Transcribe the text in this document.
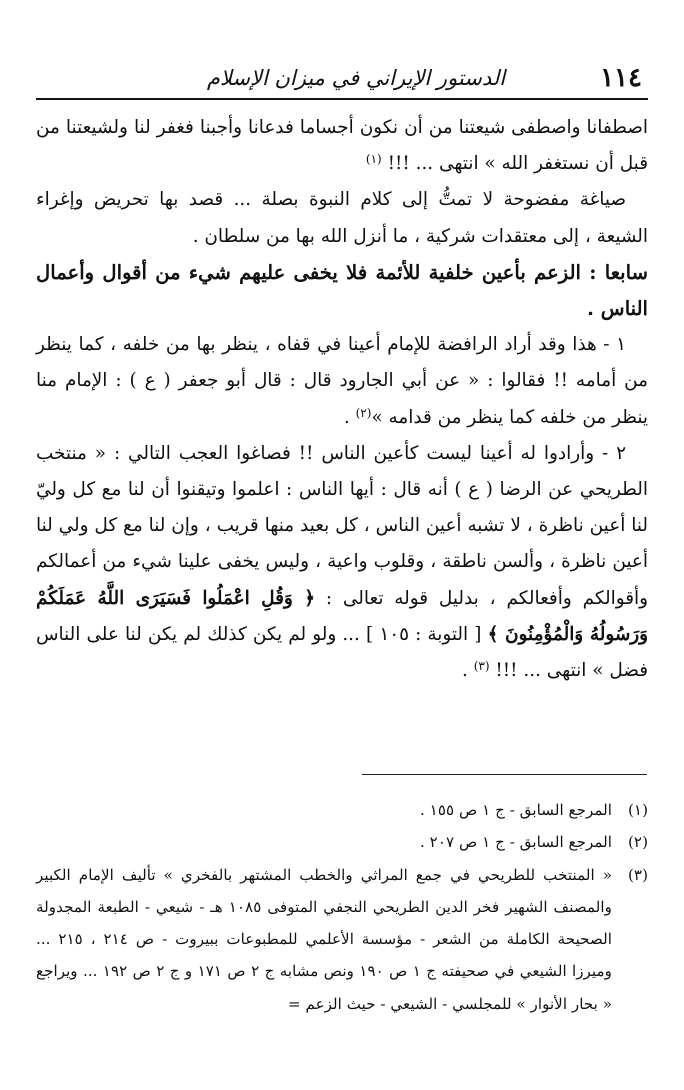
١١٤
الدستور الإيراني في ميزان الإسلام

اصطفانا واصطفى شيعتنا من أن نكون أجساما فدعانا وأجبنا فغفر لنا ولشيعتنا من قبل أن نستغفر الله » انتهى ... !!! $^{(١)}$

صياغة مفضوحة لا تمتُّ إلى كلام النبوة بصلة ... قصد بها تحريض وإغراء الشيعة ، إلى معتقدات شركية ، ما أنزل الله بها من سلطان .

سابعا : الزعم بأعين خلفية للأئمة فلا يخفى عليهم شيء من أقوال وأعمال الناس .

١ - هذا وقد أراد الرافضة للإمام أعينا في قفاه ، ينظر بها من خلفه ، كما ينظر من أمامه !! فقالوا : « عن أبي الجارود قال : قال أبو جعفر ( ع ) : الإمام منا ينظر من خلفه كما ينظر من قدامه »$^{(٢)}$ .

٢ - وأرادوا له أعينا ليست كأعين الناس !! فصاغوا العجب التالي : « منتخب الطريحي عن الرضا ( ع ) أنه قال : أيها الناس : اعلموا وتيقنوا أن لنا مع كل وليّ لنا أعين ناظرة ، لا تشبه أعين الناس ، كل بعيد منها قريب ، وإن لنا مع كل ولي لنا أعين ناظرة ، وألسن ناطقة ، وقلوب واعية ، وليس يخفى علينا شيء من أعمالكم وأقوالكم وأفعالكم ، بدليل قوله تعالى : ﴿ وَقُلِ اعْمَلُوا فَسَيَرَى اللَّهُ عَمَلَكُمْ وَرَسُولُهُ وَالْمُؤْمِنُونَ ﴾ [ التوبة : ١٠٥ ] ... ولو لم يكن كذلك لم يكن لنا على الناس فضل » انتهى ... !!! $^{(٣)}$ .

(١)
المرجع السابق - ج ١ ص ١٥٥ .
(٢)
المرجع السابق - ج ١ ص ٢٠٧ .
(٣)
« المنتخب للطريحي في جمع المراثي والخطب المشتهر بالفخري » تأليف الإمام الكبير والمصنف الشهير فخر الدين الطريحي النجفي المتوفى ١٠٨٥ هـ - شيعي - الطبعة المجدولة الصحيحة الكاملة من الشعر - مؤسسة الأعلمي للمطبوعات ببيروت - ص ٢١٤ ، ٢١٥ ... وميرزا الشيعي في صحيفته ج ١ ص ١٩٠ ونص مشابه ج ٢ ص ١٧١ و ج ٢ ص ١٩٢ ... ويراجع « بحار الأنوار » للمجلسي - الشيعي - حيث الزعم =
